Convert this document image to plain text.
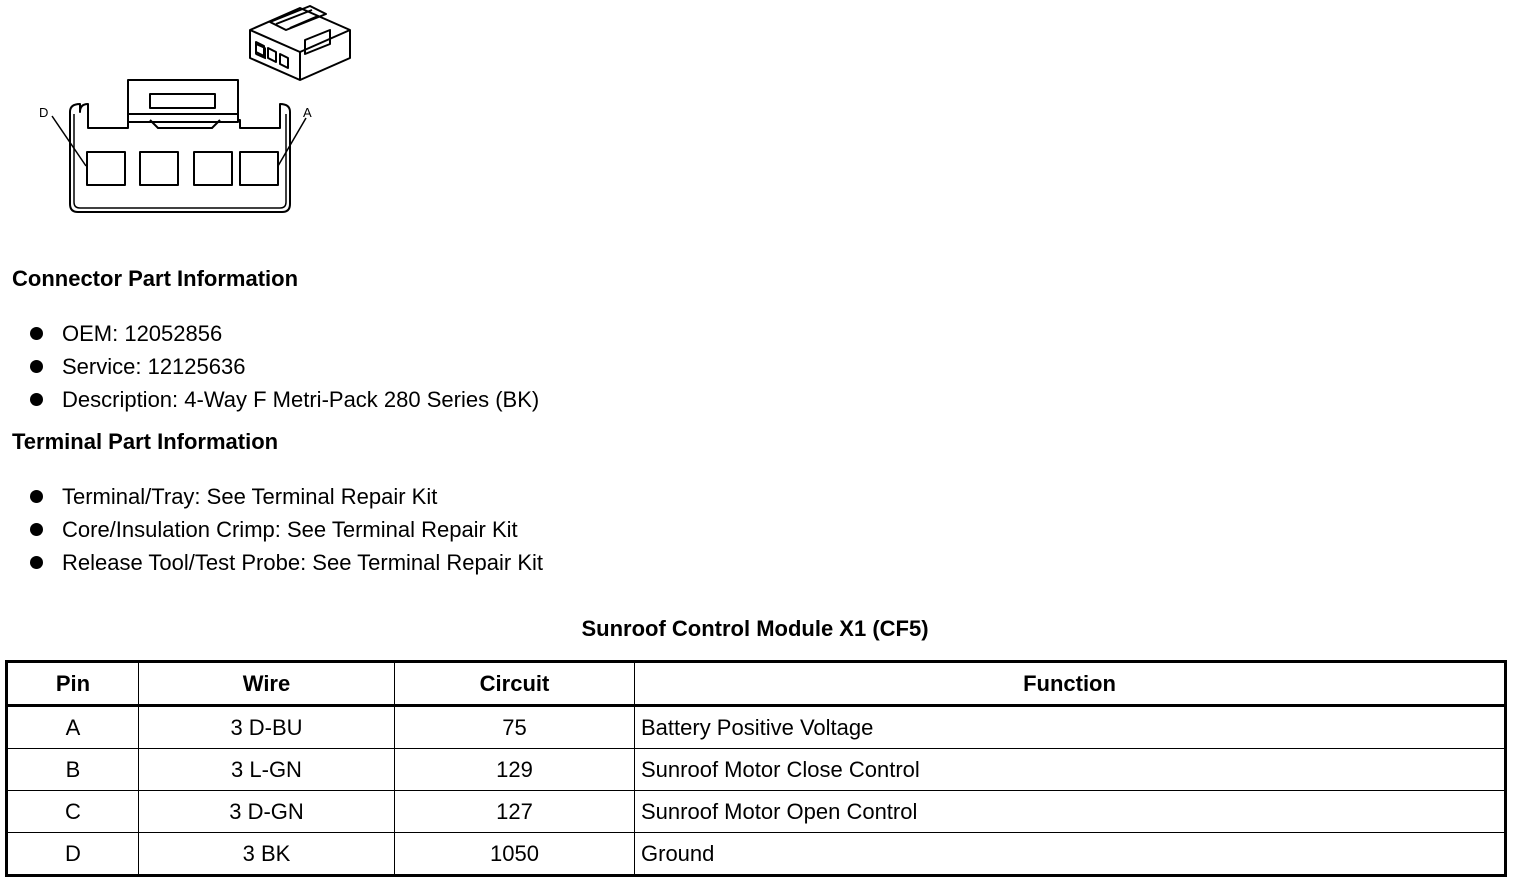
D	A
Connector Part Information
OEM: 12052856
Service: 12125636
Description: 4-Way F Metri-Pack 280 Series (BK)
Terminal Part Information
Terminal/Tray: See Terminal Repair Kit
Core/Insulation Crimp: See Terminal Repair Kit
Release Tool/Test Probe: See Terminal Repair Kit
Sunroof Control Module X1 (CF5)
Pin	Wire	Circuit	Function
A	3 D-BU	75	Battery Positive Voltage
B	3 L-GN	129	Sunroof Motor Close Control
C	3 D-GN	127	Sunroof Motor Open Control
D	3 BK	1050	Ground
